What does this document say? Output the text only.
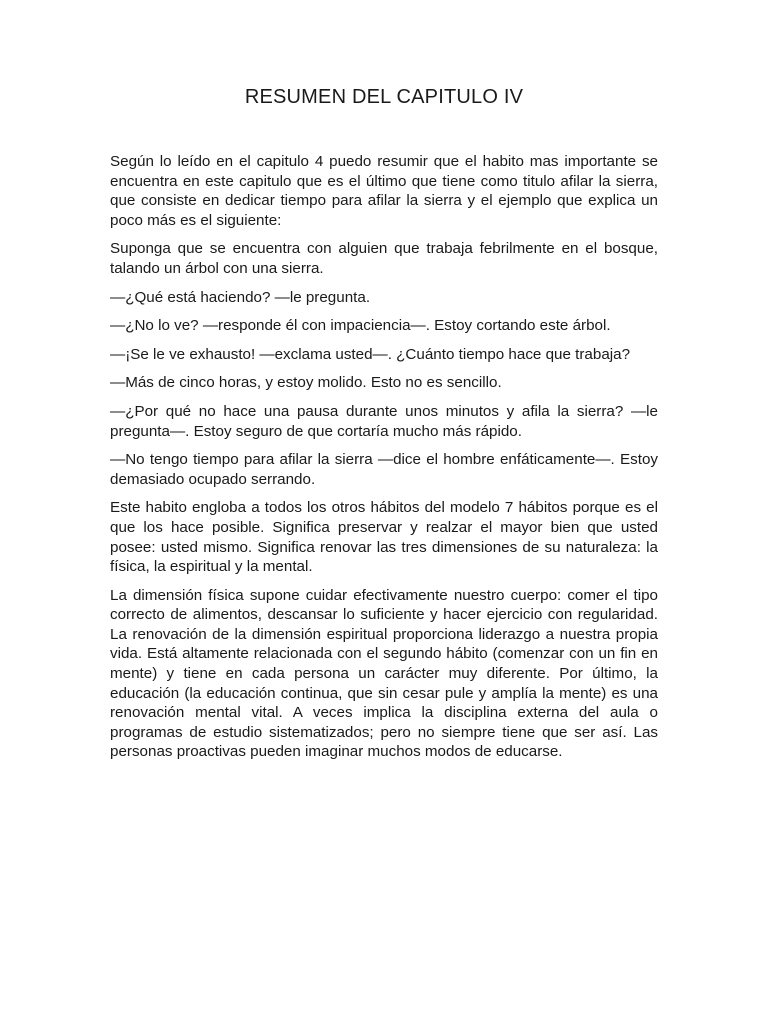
RESUMEN DEL CAPITULO IV

Según lo leído en el capitulo 4 puedo resumir que el habito mas importante se encuentra en este capitulo que es el último que tiene como titulo afilar la sierra, que consiste en dedicar tiempo para afilar la sierra y el ejemplo que explica un poco más es el siguiente:

Suponga que se encuentra con alguien que trabaja febrilmente en el bosque, talando un árbol con una sierra.

—¿Qué está haciendo? —le pregunta.

—¿No lo ve? —responde él con impaciencia—. Estoy cortando este árbol.

—¡Se le ve exhausto! —exclama usted—. ¿Cuánto tiempo hace que trabaja?

—Más de cinco horas, y estoy molido. Esto no es sencillo.

—¿Por qué no hace una pausa durante unos minutos y afila la sierra? —le pregunta—. Estoy seguro de que cortaría mucho más rápido.

—No tengo tiempo para afilar la sierra —dice el hombre enfáticamente—. Estoy demasiado ocupado serrando.

Este habito engloba a todos los otros hábitos del modelo 7 hábitos porque es el que los hace posible. Significa preservar y realzar el mayor bien que usted posee: usted mismo. Significa renovar las tres dimensiones de su naturaleza: la física, la espiritual y la mental.

La dimensión física supone cuidar efectivamente nuestro cuerpo: comer el tipo correcto de alimentos, descansar lo suficiente y hacer ejercicio con regularidad. La renovación de la dimensión espiritual proporciona liderazgo a nuestra propia vida. Está altamente relacionada con el segundo hábito (comenzar con un fin en mente) y tiene en cada persona un carácter muy diferente. Por último, la educación (la educación continua, que sin cesar pule y amplía la mente) es una renovación mental vital. A veces implica la disciplina externa del aula o programas de estudio sistematizados; pero no siempre tiene que ser así. Las personas proactivas pueden imaginar muchos modos de educarse.
